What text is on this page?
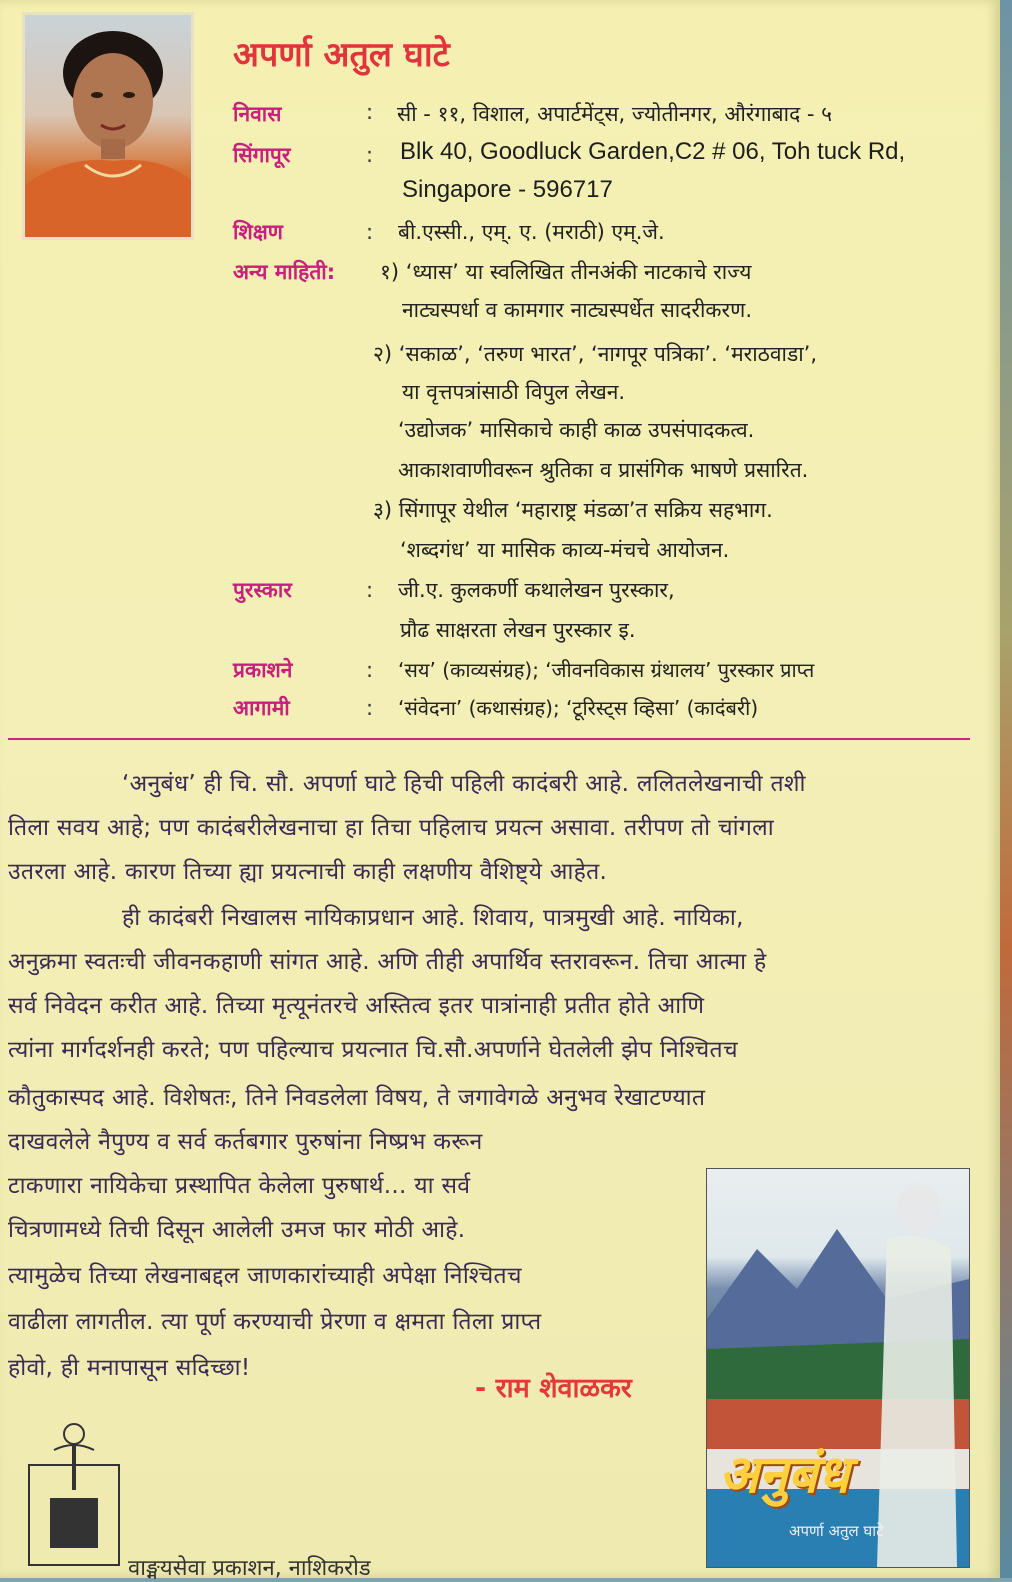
अपर्णा अतुल घाटे
निवास	: सी - ११, विशाल, अपार्टमेंट्स, ज्योतीनगर, औरंगाबाद - ५
सिंगापूर	: Blk 40, Goodluck Garden,C2 # 06, Toh tuck Rd,
Singapore - 596717
शिक्षण	: बी.एस्सी., एम्. ए. (मराठी) एम्.जे.
अन्य माहिती: १) ‘ध्यास’ या स्वलिखित तीनअंकी नाटकाचे राज्य
नाट्यस्पर्धा व कामगार नाट्यस्पर्धेत सादरीकरण.
२) ‘सकाळ’, ‘तरुण भारत’, ‘नागपूर पत्रिका’. ‘मराठवाडा’,
या वृत्तपत्रांसाठी विपुल लेखन.
‘उद्योजक’ मासिकाचे काही काळ उपसंपादकत्व.
आकाशवाणीवरून श्रुतिका व प्रासंगिक भाषणे प्रसारित.
३) सिंगापूर येथील ‘महाराष्ट्र मंडळा’त सक्रिय सहभाग.
‘शब्दगंध’ या मासिक काव्य-मंचचे आयोजन.
पुरस्कार	: जी.ए. कुलकर्णी कथालेखन पुरस्कार,
प्रौढ साक्षरता लेखन पुरस्कार इ.
प्रकाशने	: ‘सय’ (काव्यसंग्रह); ‘जीवनविकास ग्रंथालय’ पुरस्कार प्राप्त
आगामी	: ‘संवेदना’ (कथासंग्रह); ‘टूरिस्ट्स व्हिसा’ (कादंबरी)
‘अनुबंध’ ही चि. सौ. अपर्णा घाटे हिची पहिली कादंबरी आहे. ललितलेखनाची तशी
तिला सवय आहे; पण कादंबरीलेखनाचा हा तिचा पहिलाच प्रयत्न असावा. तरीपण तो चांगला
उतरला आहे. कारण तिच्या ह्या प्रयत्नाची काही लक्षणीय वैशिष्ट्ये आहेत.
ही कादंबरी निखालस नायिकाप्रधान आहे. शिवाय, पात्रमुखी आहे. नायिका,
अनुक्रमा स्वतःची जीवनकहाणी सांगत आहे. अणि तीही अपार्थिव स्तरावरून. तिचा आत्मा हे
सर्व निवेदन करीत आहे. तिच्या मृत्यूनंतरचे अस्तित्व इतर पात्रांनाही प्रतीत होते आणि
त्यांना मार्गदर्शनही करते; पण पहिल्याच प्रयत्नात चि.सौ.अपर्णाने घेतलेली झेप निश्चितच
कौतुकास्पद आहे. विशेषतः, तिने निवडलेला विषय, ते जगावेगळे अनुभव रेखाटण्यात
दाखवलेले नैपुण्य व सर्व कर्तबगार पुरुषांना निष्प्रभ करून
टाकणारा नायिकेचा प्रस्थापित केलेला पुरुषार्थ... या सर्व
चित्रणामध्ये तिची दिसून आलेली उमज फार मोठी आहे.
त्यामुळेच तिच्या लेखनाबद्दल जाणकारांच्याही अपेक्षा निश्चितच
वाढीला लागतील. त्या पूर्ण करण्याची प्रेरणा व क्षमता तिला प्राप्त
होवो, ही मनापासून सदिच्छा!
- राम शेवाळकर
अनुबंध
अपर्णा अतुल घाटे
वाङ्मयसेवा प्रकाशन, नाशिकरोड
